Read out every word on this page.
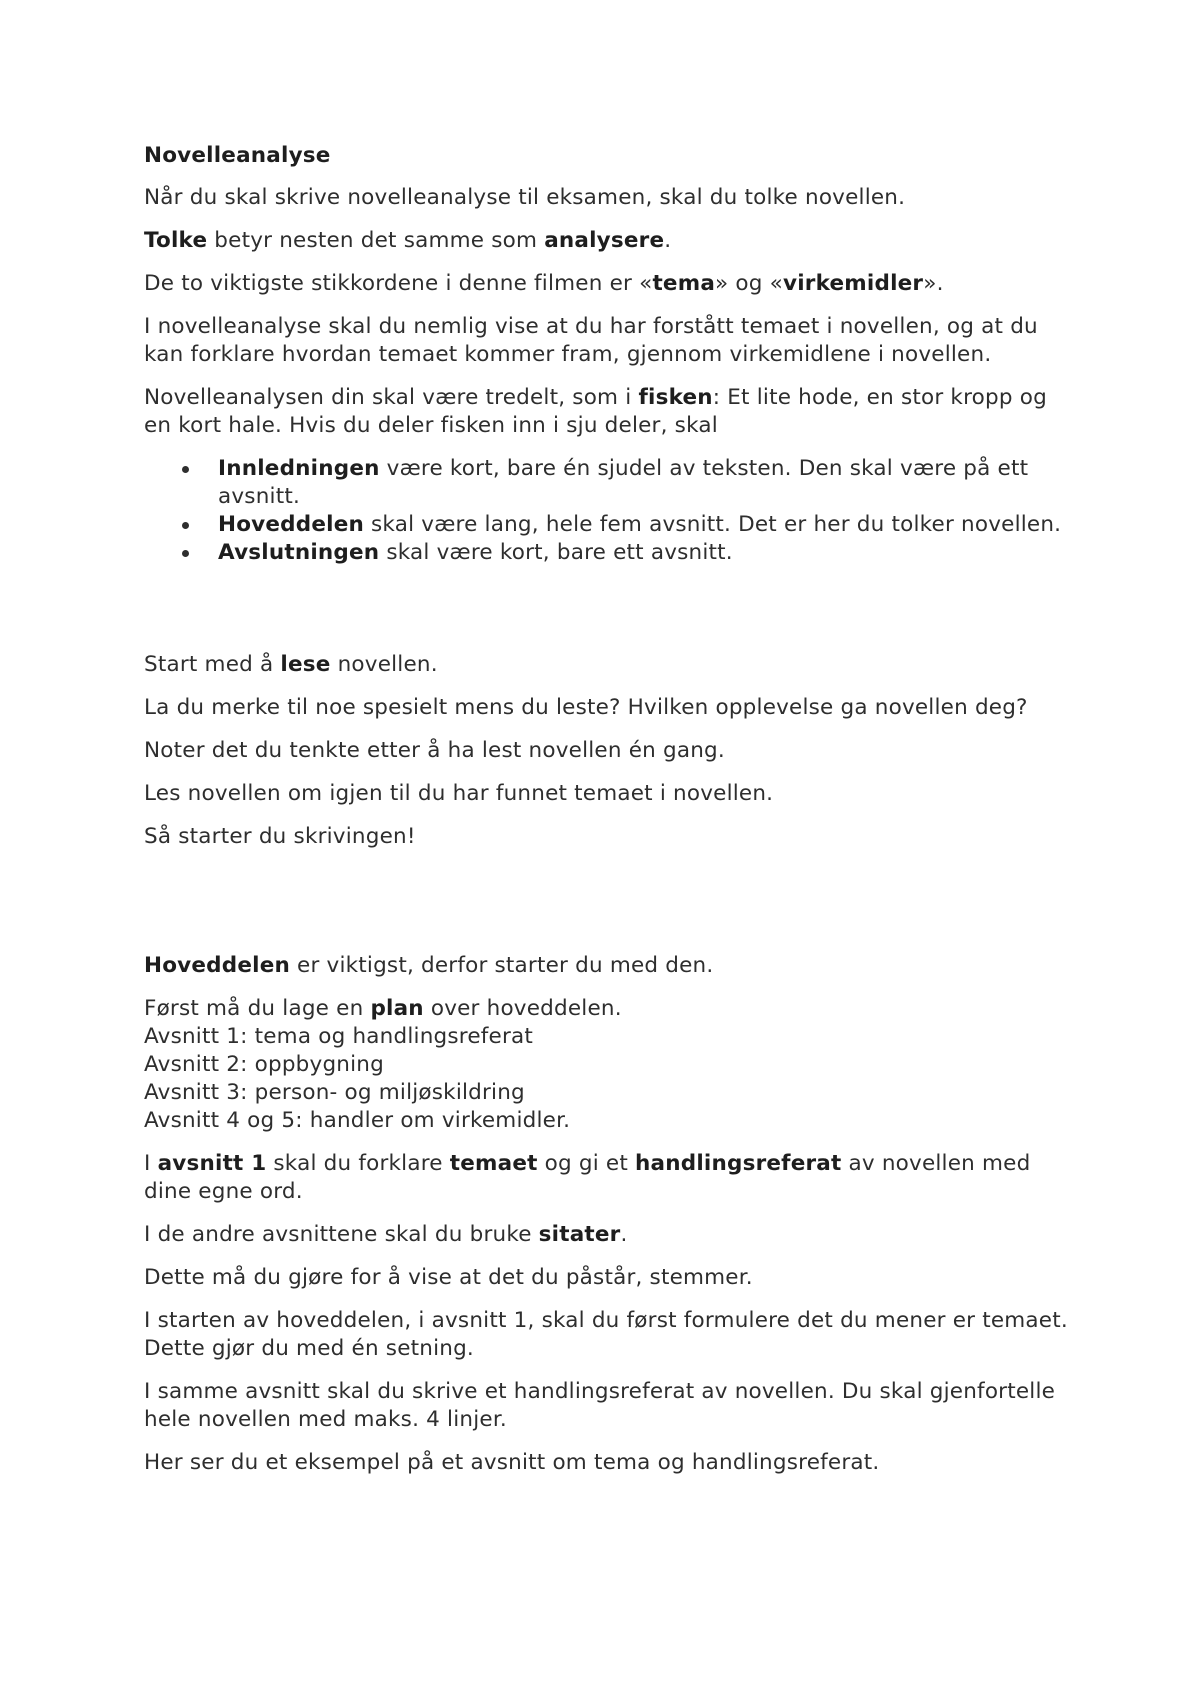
Novelleanalyse

Når du skal skrive novelleanalyse til eksamen, skal du tolke novellen.

Tolke betyr nesten det samme som analysere.

De to viktigste stikkordene i denne filmen er «tema» og «virkemidler».

I novelleanalyse skal du nemlig vise at du har forstått temaet i novellen, og at du kan forklare hvordan temaet kommer fram, gjennom virkemidlene i novellen.

Novelleanalysen din skal være tredelt, som i fisken: Et lite hode, en stor kropp og en kort hale. Hvis du deler fisken inn i sju deler, skal

Innledningen være kort, bare én sjudel av teksten. Den skal være på ett avsnitt.
Hoveddelen skal være lang, hele fem avsnitt. Det er her du tolker novellen.
Avslutningen skal være kort, bare ett avsnitt.

Start med å lese novellen.

La du merke til noe spesielt mens du leste? Hvilken opplevelse ga novellen deg?

Noter det du tenkte etter å ha lest novellen én gang.

Les novellen om igjen til du har funnet temaet i novellen.

Så starter du skrivingen!

Hoveddelen er viktigst, derfor starter du med den.

Først må du lage en plan over hoveddelen.

Avsnitt 1: tema og handlingsreferat

Avsnitt 2: oppbygning

Avsnitt 3: person- og miljøskildring

Avsnitt 4 og 5: handler om virkemidler.

I avsnitt 1 skal du forklare temaet og gi et handlingsreferat av novellen med dine egne ord.

I de andre avsnittene skal du bruke sitater.

Dette må du gjøre for å vise at det du påstår, stemmer.

I starten av hoveddelen, i avsnitt 1, skal du først formulere det du mener er temaet. Dette gjør du med én setning.

I samme avsnitt skal du skrive et handlingsreferat av novellen. Du skal gjenfortelle hele novellen med maks. 4 linjer.

Her ser du et eksempel på et avsnitt om tema og handlingsreferat.
